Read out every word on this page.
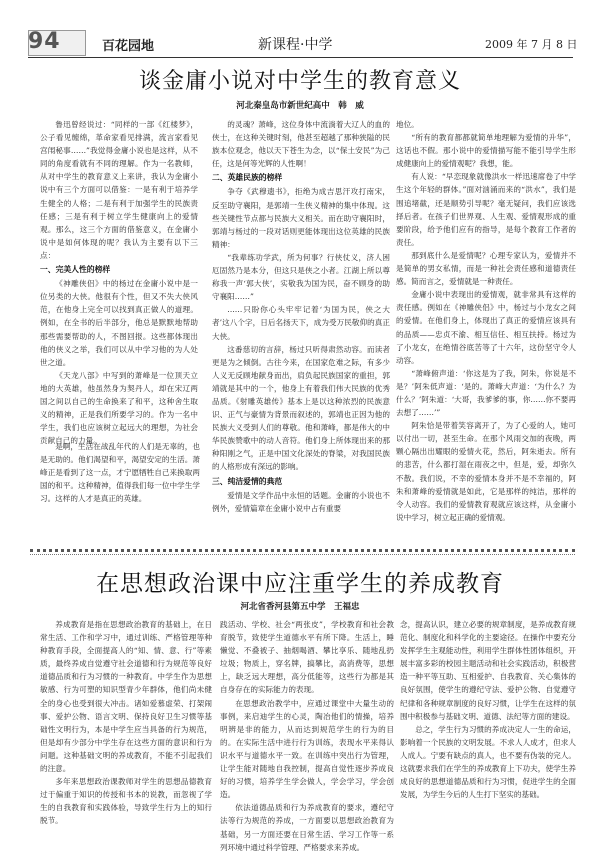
94	百花园地	新课程·中学	2009 年 7 月 8 日
谈金庸小说对中学生的教育意义
河北秦皇岛市新世纪高中　韩　威

鲁迅曾经说过：“同样的一部《红楼梦》，公子看见缠绵，革命家看见排满，流言家看见宫闱秘事……”我觉得金庸小说也是这样，从不同的角度看就有不同的理解。作为一名教师，从对中学生的教育意义上来讲，我认为金庸小说中有三个方面可以借鉴：一是有利于培养学生健全的人格；二是有利于加强学生的民族责任感；三是有利于树立学生健康向上的爱情观。那么，这三个方面的借鉴意义，在金庸小说中是如何体现的呢？我认为主要有以下三点：

一、完美人性的榜样

《神雕侠侣》中的杨过在金庸小说中是一位另类的大侠。他很有个性，但又不失大侠风范，在他身上完全可以找到真正做人的道理。例如，在全书的后半部分，他总是默默地帮助那些需要帮助的人，不图回报。这些都体现出他的侠义之举，我们可以从中学习他的为人处世之道。

《天龙八部》中写到的萧峰是一位顶天立地的大英雄，他虽然身为契丹人，却在宋辽两国之间以自己的生命换来了和平，这种舍生取义的精神，正是我们所要学习的。作为一名中学生，我们也应该树立起远大的理想，为社会贡献自己的力量。

是啊，生活在战乱年代的人们是无辜的，也是无助的。他们渴望和平，渴望安定的生活。萧峰正是看到了这一点，才宁愿牺牲自己来换取两国的和平。这种精神，值得我们每一位中学生学习。这样的人才是真正的英雄。

的灵魂？萧峰，这位身体中流淌着大辽人的血的侠士，在这种关键时刻，他甚至超越了那种狭隘的民族本位观念，他以天下苍生为念，以“保土安民”为己任，这是何等光辉的人性啊！

二、英雄民族的榜样

争夺《武穆遗书》，拒绝为成吉思汗攻打南宋，反至助守襄阳，是郭靖一生侠义精神的集中体现。这些关键性节点都与民族大义相关。而在助守襄阳时，郭靖与杨过的一段对话则更能体现出这位英雄的民族精神：

“我辈练功学武，所为何事？行侠仗义，济人困厄固然乃是本分，但这只是侠之小者。江湖上所以尊称我一声‘郭大侠’，实敬我为国为民，奋不顾身的助守襄阳……”

……只盼你心头牢牢记着‘为国为民，侠之大者’这八个字，日后名扬天下，成为受万民敬仰的真正大侠。

这番慈切的言辞，杨过只听得肃然动容。而读者更是为之倾倒。古往今来，在国家危难之际，有多少人义无反顾地献身而出，肩负起民族国家的重担，郭靖就是其中的一个，他身上有着我们伟大民族的优秀品质。《射雕英雄传》基本上是以这种浓烈的民族意识、正气与豪情为背景而叙述的，郭靖也正因为他的民族大义受到人们的尊敬。他和萧峰，都是伟大的中华民族赞歌中的动人音符。他们身上所体现出来的那种阳刚之气，正是中国文化深处的脊梁，对我国民族的人格形成有深远的影响。

三、纯洁爱情的典范

爱情是文学作品中永恒的话题。金庸的小说也不例外，爱情篇章在金庸小说中占有重要

地位。

“所有的教育都都就简单地理解为爱情的升华”，这话也不假。那小说中的爱情描写能不能引导学生形成健康向上的爱情观呢？我想，能。

有人说：“早恋现象就像洪水一样迅速席卷了中学生这个年轻的群体。”面对汹涌而来的“洪水”，我们是围追堵截，还是顺势引导呢？毫无疑问，我们应该选择后者。在孩子们世界观、人生观、爱情观形成的重要阶段，给予他们应有的指导，是每个教育工作者的责任。

那到底什么是爱情呢？心理专家认为，爱情并不是简单的男女私情，而是一种社会责任感和道德责任感。简而言之，爱情就是一种责任。

金庸小说中表现出的爱情观，就非常具有这样的责任感。例如在《神雕侠侣》中，杨过与小龙女之间的爱情。在他们身上，体现出了真正的爱情应该具有的品质——忠贞不渝、相互信任、相互扶持。杨过为了小龙女，在绝情谷底苦等了十六年，这份坚守令人动容。

“萧峰俯声道：‘你这是为了我，阿朱，你说是不是？’阿朱低声道：‘是的。萧峰大声道：‘为什么？为什么？’阿朱道：‘大哥，我爹爹的事，你……你不要再去想了……’”

阿朱恰是带着笑容离开了，为了心爱的人，她可以付出一切，甚至生命。在那个风雨交加的夜晚，两颗心隔出出耀眼的爱情火花，然后，阿朱逝去。所有的悲苦，什么都打湿在雨夜之中，但是，爱，却弥久不散。我们说，不幸的爱情本身并不是不幸福的，阿朱和萧峰的爱情就是如此，它是那样的纯洁，那样的令人动容。我们的爱情教育观就应该这样，从金庸小说中学习，树立起正确的爱情观。

在思想政治课中应注重学生的养成教育
河北省香河县第五中学　王福忠

养成教育是指在思想政治教育的基础上，在日常生活、工作和学习中，通过训练、严格管理等种种教育手段，全面提高人的“知、情、意、行”等素质，最终养成自觉遵守社会道德和行为规范等良好道德品质和行为习惯的一种教育。中学生作为思想敏感、行为可塑的知识型青少年群体，他们尚未健全的身心也受到很大冲击。诸如爱慕虚荣、打架闹事、爱护公物、语言文明、保持良好卫生习惯等基础性文明行为，本是中学生应当具备的行为规范，但是却有少部分中学生存在这些方面的意识和行为问题。这种基础文明的养成教育，不能不引起我们的注意。

多年来思想政治课教师对学生的思想品德教育过于偏重于知识的传授和书本的说教，而忽视了学生的自我教育和实践体验，导致学生行为上的知行脱节。

践活动、学校、社会“两张皮”，学校教育和社会教育脱节，致使学生道德水平有所下降。生活上，睡懒觉、不叠被子、抽烟喝酒、攀比享乐、随地乱扔垃圾；物质上，穿名牌，搞攀比，高消费等，思想上，缺乏远大理想，高分低能等，这些行为都是其自身存在的实际能力的表现。

在思想政治教学中，应通过课堂中大量生动的事例，来启迪学生的心灵，陶冶他们的情操，培养明辨是非的能力，从而达到规范学生的行为的目的。在实际生活中进行行为训练，表现水平来得认识水平与道德水平一致。在训练中突出行为管理，让学生能对随地自我控制，提高自觉性逐步养成良好的习惯，培养学生学会做人，学会学习，学会创造。

依法道德品质和行为养成教育的要求，遵纪守法等行为规范的养成，一方面要以思想政治教育为基础，另一方面还要在日常生活、学习工作等一系列环境中通过科学管理、严格要求来养成。

念，提高认识，建立必要的规章制度，是养成教育规范化、制度化和科学化的主要途径。在操作中要充分发挥学生主观能动性，利用学生群体性团体组织，开展丰富多彩的校园主题活动和社会实践活动，积极营造一种平等互助、互相爱护、自我教育、关心集体的良好氛围，使学生的遵纪守法、爱护公物、自觉遵守纪律和各种规章制度的良好习惯，让学生在这样的氛围中积极参与基础文明、道德、法纪等方面的建设。

总之，学生行为习惯的养成决定人一生的命运，影响着一个民族的文明发展。不求人人成才，但求人人成人。宁要有缺点的真人，也不要有伪装的完人。这就要求我们在学生的养成教育上下功夫，使学生养成良好的思想道德品质和行为习惯，促进学生的全面发展，为学生今后的人生打下坚实的基础。
